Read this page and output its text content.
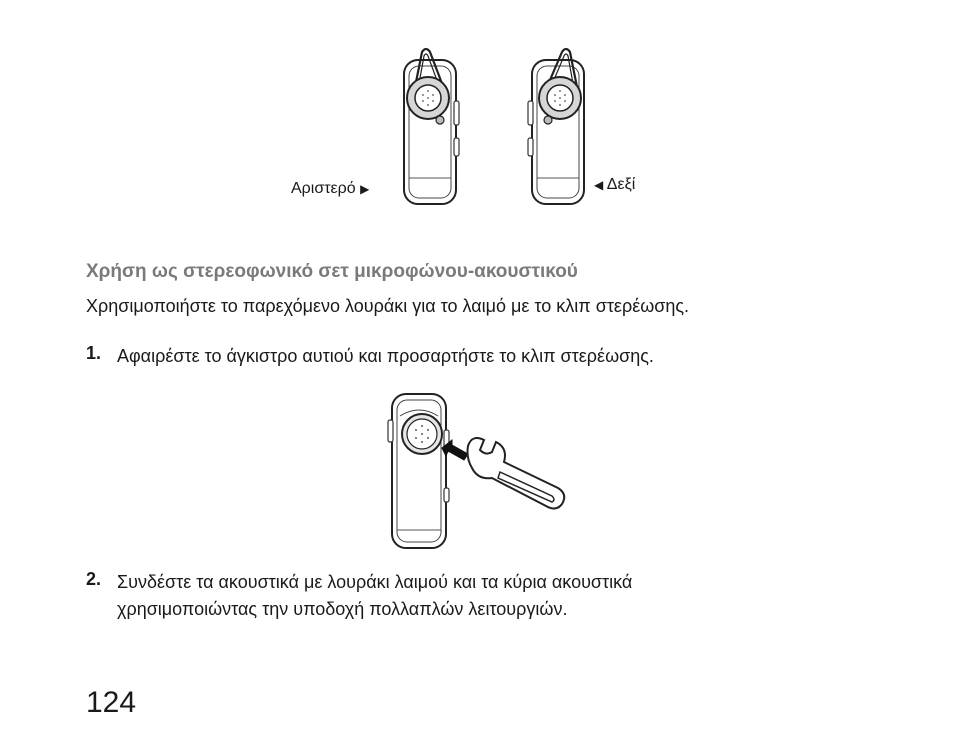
Αριστερό ▶	◀ Δεξί
Χρήση ως στερεοφωνικό σετ μικροφώνου-ακουστικού
Χρησιμοποιήστε το παρεχόμενο λουράκι για το λαιμό με το κλιπ στερέωσης.
1. Αφαιρέστε το άγκιστρο αυτιού και προσαρτήστε το κλιπ στερέωσης.
2. Συνδέστε τα ακουστικά με λουράκι λαιμού και τα κύρια ακουστικά
χρησιμοποιώντας την υποδοχή πολλαπλών λειτουργιών.
124
